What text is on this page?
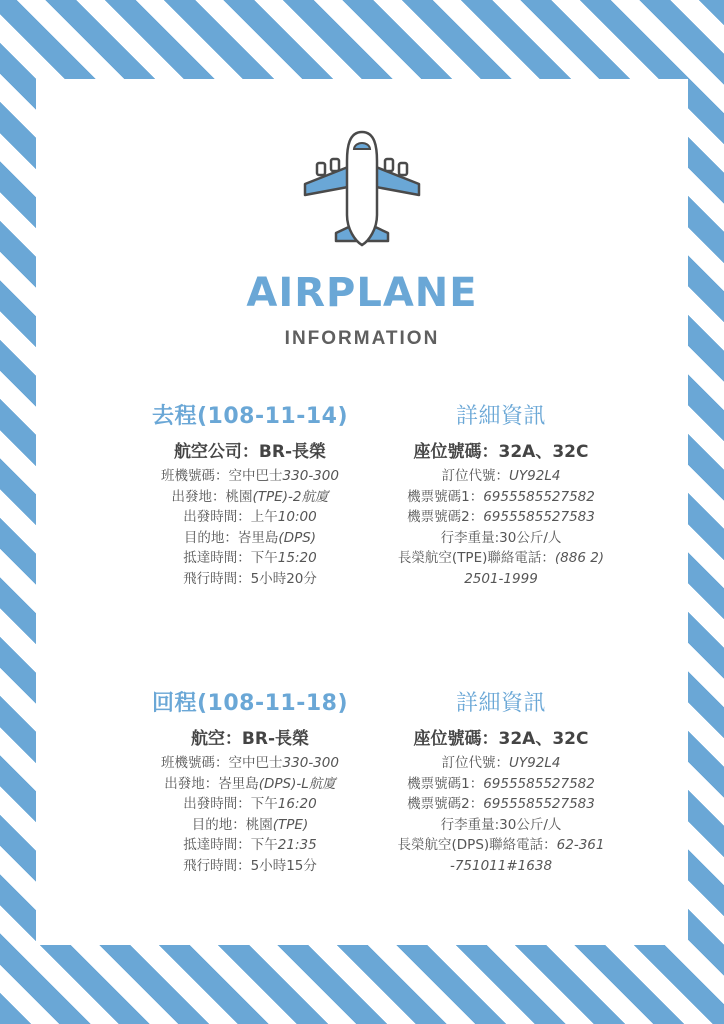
AIRPLANE
INFORMATION
去程(108-11-14)
航空公司：BR-長榮
班機號碼：空中巴士330-300
出發地：桃園(TPE)-2航廈
出發時間：上午10:00
目的地：峇里島(DPS)
抵達時間：下午15:20
飛行時間：5小時20分
詳細資訊
座位號碼：32A、32C
訂位代號：UY92L4
機票號碼1：6955585527582
機票號碼2：6955585527583
行李重量:30公斤/人
長榮航空(TPE)聯絡電話：(886 2)
2501-1999
回程(108-11-18)
航空：BR-長榮
班機號碼：空中巴士330-300
出發地：峇里島(DPS)-L航廈
出發時間：下午16:20
目的地：桃園(TPE)
抵達時間：下午21:35
飛行時間：5小時15分
詳細資訊
座位號碼：32A、32C
訂位代號：UY92L4
機票號碼1：6955585527582
機票號碼2：6955585527583
行李重量:30公斤/人
長榮航空(DPS)聯絡電話：62-361
-751011#1638
